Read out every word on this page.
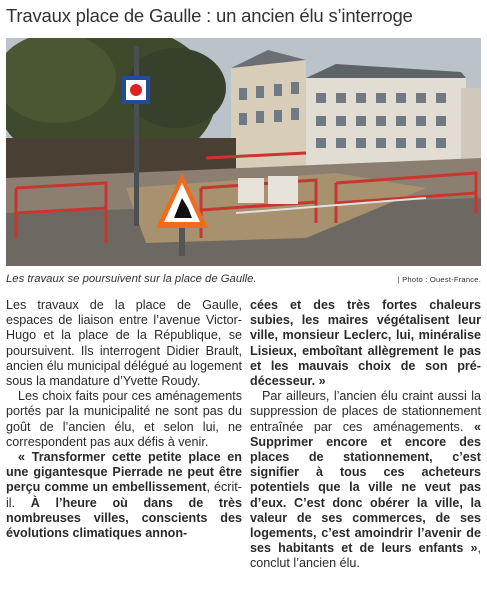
Travaux place de Gaulle : un ancien élu s’interroge
Les travaux se poursuivent sur la place de Gaulle.	| Photo : Ouest-France.

Les travaux de la place de Gaulle, espaces de liaison entre l’avenue Victor-Hugo et la place de la République, se poursuivent. Ils interrogent Didier Brault, ancien élu municipal délégué au logement sous la mandature d’Yvette Roudy.

Les choix faits pour ces aménagements portés par la municipalité ne sont pas du goût de l’ancien élu, et selon lui, ne correspondent pas aux défis à venir.

« Transformer cette petite place en une gigantesque Pierrade ne peut être perçu comme un embellissement, écrit-il. À l’heure où dans de très nombreuses villes, conscients des évolutions climatiques annon-

cées et des très fortes chaleurs subies, les maires végétalisent leur ville, monsieur Leclerc, lui, minéralise Lisieux, emboîtant allègrement le pas et les mauvais choix de son prédécesseur. »

Par ailleurs, l’ancien élu craint aussi la suppression de places de stationnement entraînée par ces aménagements. « Supprimer encore et encore des places de stationnement, c’est signifier à tous ces acheteurs potentiels que la ville ne veut pas d’eux. C’est donc obérer la ville, la valeur de ses commerces, de ses logements, c’est amoindrir l’avenir de ses habitants et de leurs enfants », conclut l’ancien élu.
